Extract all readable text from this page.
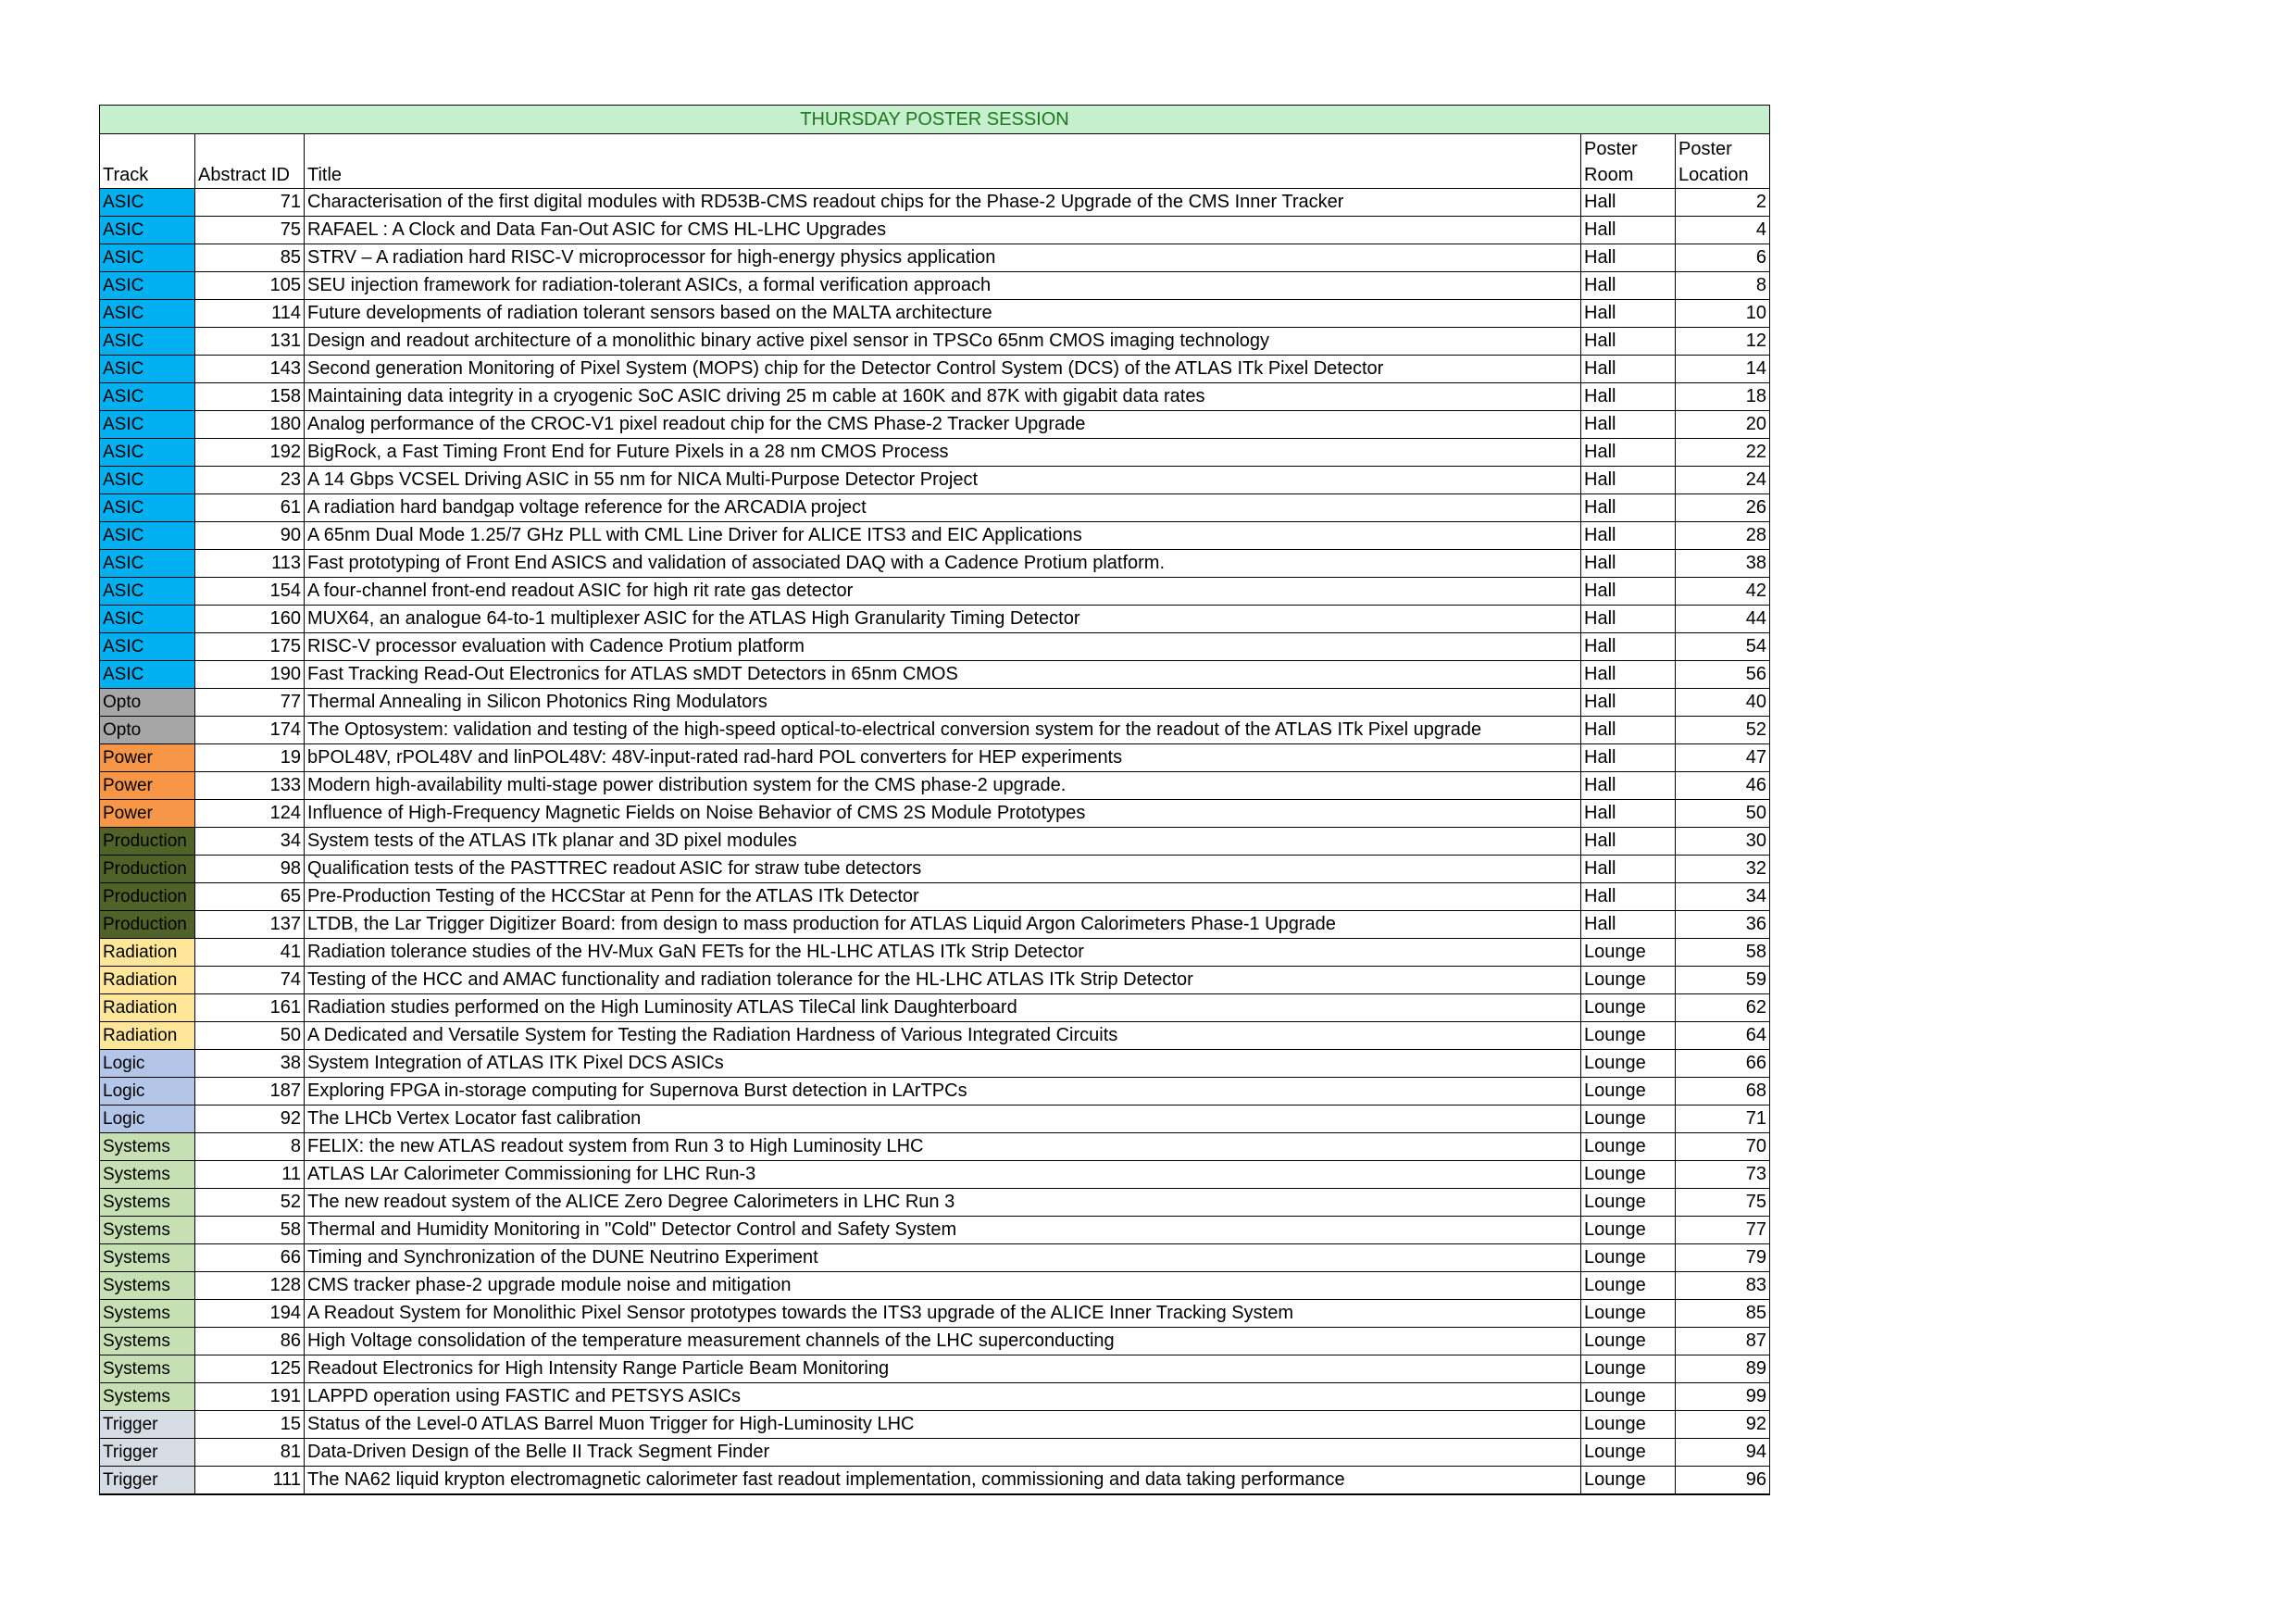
THURSDAY POSTER SESSION				
Track	Abstract ID	Title	Poster Room	Poster Location
ASIC	71	Characterisation of the first digital modules with RD53B-CMS readout chips for the Phase-2 Upgrade of the CMS Inner Tracker	Hall	2
ASIC	75	RAFAEL : A Clock and Data Fan-Out ASIC for CMS HL-LHC Upgrades	Hall	4
ASIC	85	STRV – A radiation hard RISC-V microprocessor for high-energy physics application	Hall	6
ASIC	105	SEU injection framework for radiation-tolerant ASICs, a formal verification approach	Hall	8
ASIC	114	Future developments of radiation tolerant sensors based on the MALTA architecture	Hall	10
ASIC	131	Design and readout architecture of a monolithic binary active pixel sensor in TPSCo 65nm CMOS imaging technology	Hall	12
ASIC	143	Second generation Monitoring of Pixel System (MOPS) chip for the Detector Control System (DCS) of the ATLAS ITk Pixel Detector	Hall	14
ASIC	158	Maintaining data integrity in a cryogenic SoC ASIC driving 25 m cable at 160K and 87K with gigabit data rates	Hall	18
ASIC	180	Analog performance of the CROC-V1 pixel readout chip for the CMS Phase-2 Tracker Upgrade	Hall	20
ASIC	192	BigRock, a Fast Timing Front End for Future Pixels in a 28 nm CMOS Process	Hall	22
ASIC	23	A 14 Gbps VCSEL Driving ASIC in 55 nm for NICA Multi-Purpose Detector Project	Hall	24
ASIC	61	A radiation hard bandgap voltage reference for the ARCADIA project	Hall	26
ASIC	90	A 65nm Dual Mode 1.25/7 GHz PLL with CML Line Driver for ALICE ITS3 and EIC Applications	Hall	28
ASIC	113	Fast prototyping of Front End ASICS and validation of associated DAQ with a Cadence Protium platform.	Hall	38
ASIC	154	A four-channel front-end readout ASIC for high rit rate gas detector	Hall	42
ASIC	160	MUX64, an analogue 64-to-1 multiplexer ASIC for the ATLAS High Granularity Timing Detector	Hall	44
ASIC	175	RISC-V processor evaluation with Cadence Protium platform	Hall	54
ASIC	190	Fast Tracking Read-Out Electronics for ATLAS sMDT Detectors in 65nm CMOS	Hall	56
Opto	77	Thermal Annealing in Silicon Photonics Ring Modulators	Hall	40
Opto	174	The Optosystem: validation and testing of the high-speed optical-to-electrical conversion system for the readout of the ATLAS ITk Pixel upgrade	Hall	52
Power	19	bPOL48V, rPOL48V and linPOL48V: 48V-input-rated rad-hard POL converters for HEP experiments	Hall	47
Power	133	Modern high-availability multi-stage power distribution system for the CMS phase-2 upgrade.	Hall	46
Power	124	Influence of High-Frequency Magnetic Fields on Noise Behavior of CMS 2S Module Prototypes	Hall	50
Production	34	System tests of the ATLAS ITk planar and 3D pixel modules	Hall	30
Production	98	Qualification tests of the PASTTREC readout ASIC for straw tube detectors	Hall	32
Production	65	Pre-Production Testing of the HCCStar at Penn for the ATLAS ITk Detector	Hall	34
Production	137	LTDB, the Lar Trigger Digitizer Board: from design to mass production for ATLAS Liquid Argon Calorimeters Phase-1 Upgrade	Hall	36
Radiation	41	Radiation tolerance studies of the HV-Mux GaN FETs for the HL-LHC ATLAS ITk Strip Detector	Lounge	58
Radiation	74	Testing of the HCC and AMAC functionality and radiation tolerance for the HL-LHC ATLAS ITk Strip Detector	Lounge	59
Radiation	161	Radiation studies performed on the High Luminosity ATLAS TileCal link Daughterboard	Lounge	62
Radiation	50	A Dedicated and Versatile System for Testing the Radiation Hardness of Various Integrated Circuits	Lounge	64
Logic	38	System Integration of ATLAS ITK Pixel DCS ASICs	Lounge	66
Logic	187	Exploring FPGA in-storage computing for Supernova Burst detection in LArTPCs	Lounge	68
Logic	92	The LHCb Vertex Locator fast calibration	Lounge	71
Systems	8	FELIX: the new ATLAS readout system from Run 3 to High Luminosity LHC	Lounge	70
Systems	11	ATLAS LAr Calorimeter Commissioning for LHC Run-3	Lounge	73
Systems	52	The new readout system of the ALICE Zero Degree Calorimeters in LHC Run 3	Lounge	75
Systems	58	Thermal and Humidity Monitoring in "Cold" Detector Control and Safety System	Lounge	77
Systems	66	Timing and Synchronization of the DUNE Neutrino Experiment	Lounge	79
Systems	128	CMS tracker phase-2 upgrade module noise and mitigation	Lounge	83
Systems	194	A Readout System for Monolithic Pixel Sensor prototypes towards the ITS3 upgrade of the ALICE Inner Tracking System	Lounge	85
Systems	86	High Voltage consolidation of the temperature measurement channels of the LHC superconducting	Lounge	87
Systems	125	Readout Electronics for High Intensity Range Particle Beam Monitoring	Lounge	89
Systems	191	LAPPD operation using FASTIC and PETSYS ASICs	Lounge	99
Trigger	15	Status of the Level-0 ATLAS Barrel Muon Trigger for High-Luminosity LHC	Lounge	92
Trigger	81	Data-Driven Design of the Belle II Track Segment Finder	Lounge	94
Trigger	111	The NA62 liquid krypton electromagnetic calorimeter fast readout implementation, commissioning and data taking performance	Lounge	96
